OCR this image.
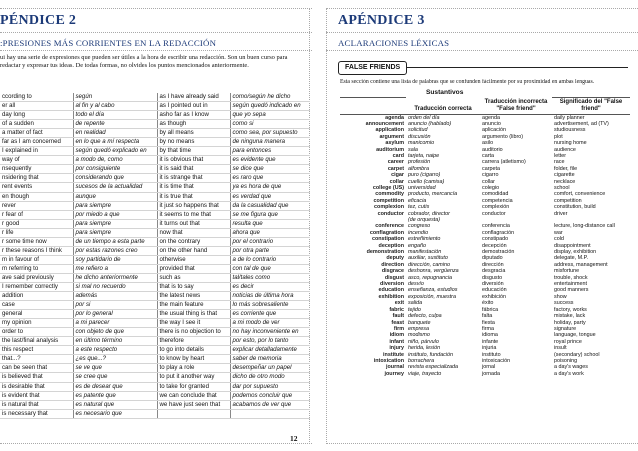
PÉNDICE 2
:PRESIONES MÁS CORRIENTES EN LA REDACCIÓN
ui hay una serie de expresiones que pueden ser útiles a la hora de escribir una redacción. Son un buen curso para redactar y expresar tus ideas. De todas formas, no olvides los puntos mencionados anteriormente.
ccording to	según	as I have already said	como/según he dicho
er all	al fin y al cabo	as I pointed out in	según quedó indicado en
day long	todo el día	asho far as I know	que yo sepa
of a sudden	de repente	as though	como si
a matter of fact	en realidad	by all means	como sea, por supuesto
far as I am concerned	en lo que a mí respecta	by no means	de ninguna manera
I explained in	según quedó explicado en	by that time	para entonces
way of	a modo de, como	it is obvious that	es evidente que
nsequently	por consiguiente	it is said that	se dice que
nsidering that	considerando que	it is strange that	es raro que
rent events	sucesos de la actualidad	it is time that	ya es hora de que
en though	aunque	it is true that	es verdad que
rever	para siempre	it just so happens that	da la casualidad que
r fear of	por miedo a que	it seems to me that	se me figura que
r good	para siempre	it turns out that	resulta que
r life	para siempre	now that	ahora que
r some time now	de un tiempo a esta parte	on the contrary	por el contrario
r these reasons I think	por estas razones creo	on the other hand	por otra parte
m in favour of	soy partidario de	otherwise	a de lo contrario
m referring to	me refiero a	provided that	con tal de que
ave said previously	he dicho anteriormente	such as	tal/tales como
I remember correctly	si mal no recuerdo	that is to say	es decir
addition	además	the latest news	noticias de última hora
case	por si	the main feature	lo más sobresaliente
general	por lo general	the usual thing is that	es corriente que
my opinion	a mi parecer	the way I see it	a mi modo de ver
order to	con objeto de que	there is no objection to	no hay inconveniente en
the last/final analysis	en último término	therefore	por esto, por lo tanto
this respect	a este respecto	to go into details	explicar detalladamente
that...?	¿es que...?	to know by heart	saber de memoria
can be seen that	se ve que	to play a role	desempeñar un papel
is believed that	se cree que	to put it another way	dicho de otro modo
is desirable that	es de desear que	to take for granted	dar por supuesto
is evident that	es patente que	we can conclude that	podemos concluir que
is natural that	es natural que	we have just seen that	acabamos de ver que
is necessary that	es necesario que		
12
APÉNDICE 3
ACLARACIONES LÉXICAS
FALSE FRIENDS
Esta sección contiene una lista de palabras que se confunden fácilmente por su proximidad en ambas lenguas.
	Sustantivos		
	Traducción correcta	Traducción incorrecta "False friend"	Significado del "False friend"
agenda	orden del día	agenda	daily planner
announcement	anuncio (hablado)	anuncio	advertisement, ad (TV)
application	solicitud	aplicación	studiousness
argument	discusión	argumento (libro)	plot
asylum	manicomio	asilo	nursing home
auditorium	sala	auditorio	audience
card	tarjeta, naipe	carta	letter
career	profesión	carrera (atletismo)	race
carpet	alfombra	carpeta	folder, file
cigar	puro (cigarro)	cigarro	cigarette
collar	cuello (camisa)	collar	necklace
college (US)	universidad	colegio	school
commodity	producto, mercancía	comodidad	comfort, convenience
competition	eficacia	competencia	competition
complexion	tez, cutis	complexión	constitution, build
conductor	cobrador, director	conductor	driver
	(de orquesta)		
conference	congreso	conferencia	lecture, long-distance call
conflagration	incendio	conflagración	war
constipation	estreñimiento	constipado	cold
deception	engaño	decepción	disappointment
demonstration	manifestación	demostración	display, exhibition
deputy	auxiliar, sustituto	diputado	delegate, M.P.
direction	dirección, camino	dirección	address, management
disgrace	deshonra, vergüenza	desgracia	misfortune
disgust	asco, repugnancia	disgusto	trouble, shock
diversion	desvío	diversión	entertainment
education	enseñanza, estudios	educación	good manners
exhibition	exposición, muestra	exhibición	show
exit	salida	éxito	success
fabric	tejido	fábrica	factory, works
fault	defecto, culpa	falta	mistake, lack
feast	banquete	fiesta	holiday, party
firm	empresa	firma	signature
idiom	modismo	idioma	language, tongue
infant	niño, párvulo	infante	royal prince
injury	herida, lesión	injuria	insult
institute	instituto, fundación	instituto	(secondary) school
intoxication	borrachera	intoxicación	poisoning
journal	revista especializada	jornal	a day's wages
journey	viaje, trayecto	jornada	a day's work
